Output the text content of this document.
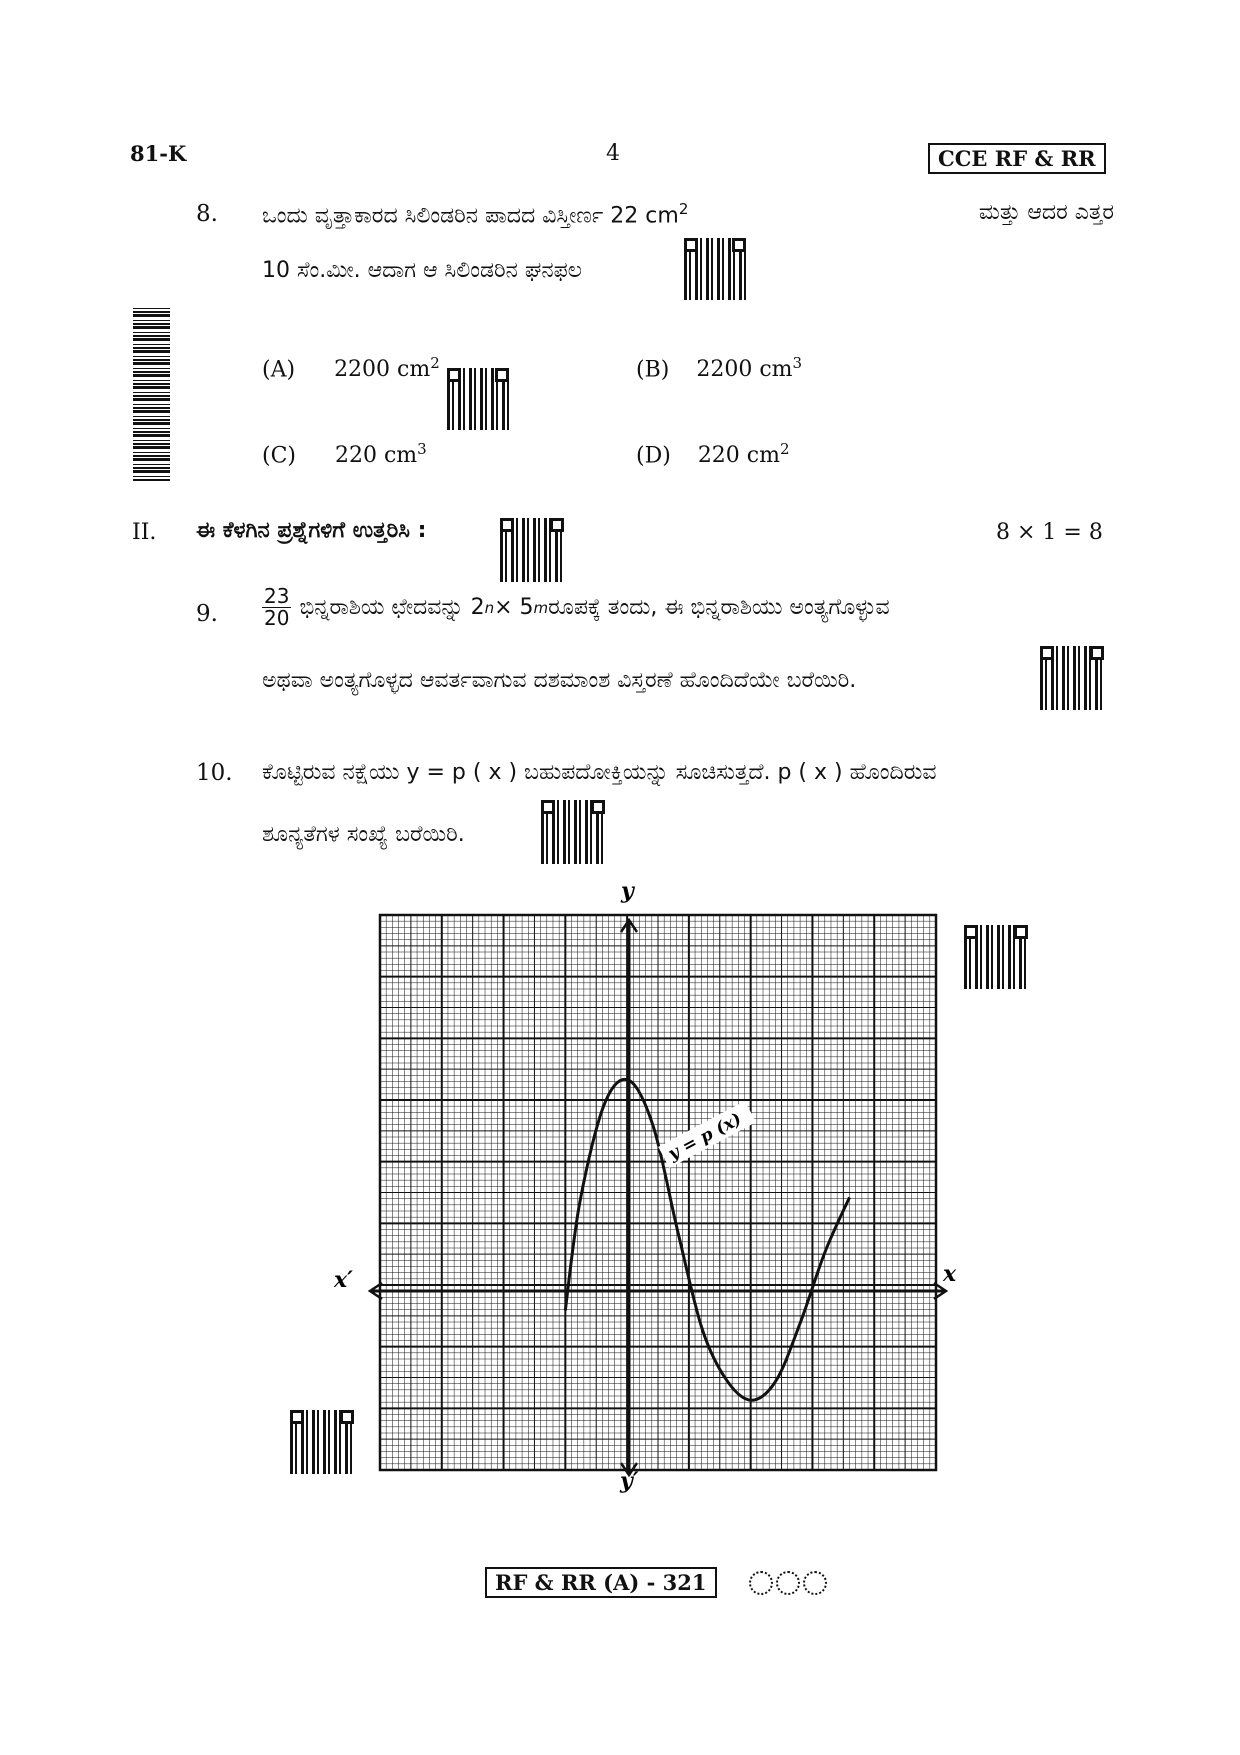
81-K	4	CCE RF & RR
8. ಒಂದು ವೃತ್ತಾಕಾರದ ಸಿಲಿಂಡರಿನ ಪಾದದ ವಿಸ್ತೀರ್ಣ 22 $cm^2$	ಮತ್ತು ಆದರ ಎತ್ತರ
10 ಸೆಂ.ಮೀ. ಆದಾಗ ಆ ಸಿಲಿಂಡರಿನ ಘನಫಲ
(A) 2200 $cm^2$	(B) 2200 $cm^3$
(C) 220 $cm^3$	(D) 220 $cm^2$
II. ಈ ಕೆಳಗಿನ ಪ್ರಶ್ನೆಗಳಿಗೆ ಉತ್ತರಿಸಿ :	8 × 1 = 8
9. $\frac{23}{20}$ ಭಿನ್ನರಾಶಿಯ ಛೇದವನ್ನು 2 n × 5 m ರೂಪಕ್ಕೆ ತಂದು, ಈ ಭಿನ್ನರಾಶಿಯು ಅಂತ್ಯಗೊಳ್ಳುವ
ಅಥವಾ ಅಂತ್ಯಗೊಳ್ಳದ ಆವರ್ತವಾಗುವ ದಶಮಾಂಶ ವಿಸ್ತರಣೆ ಹೊಂದಿದೆಯೇ ಬರೆಯಿರಿ.
10. ಕೊಟ್ಟಿರುವ ನಕ್ಷೆಯು y = p ( x ) ಬಹುಪದೋಕ್ತಿಯನ್ನು ಸೂಚಿಸುತ್ತದೆ. p ( x ) ಹೊಂದಿರುವ
ಶೂನ್ಯತೆಗಳ ಸಂಖ್ಯೆ ಬರೆಯಿರಿ.
y
y′
x
x′
y = p (x)
RF & RR (A) - 321
